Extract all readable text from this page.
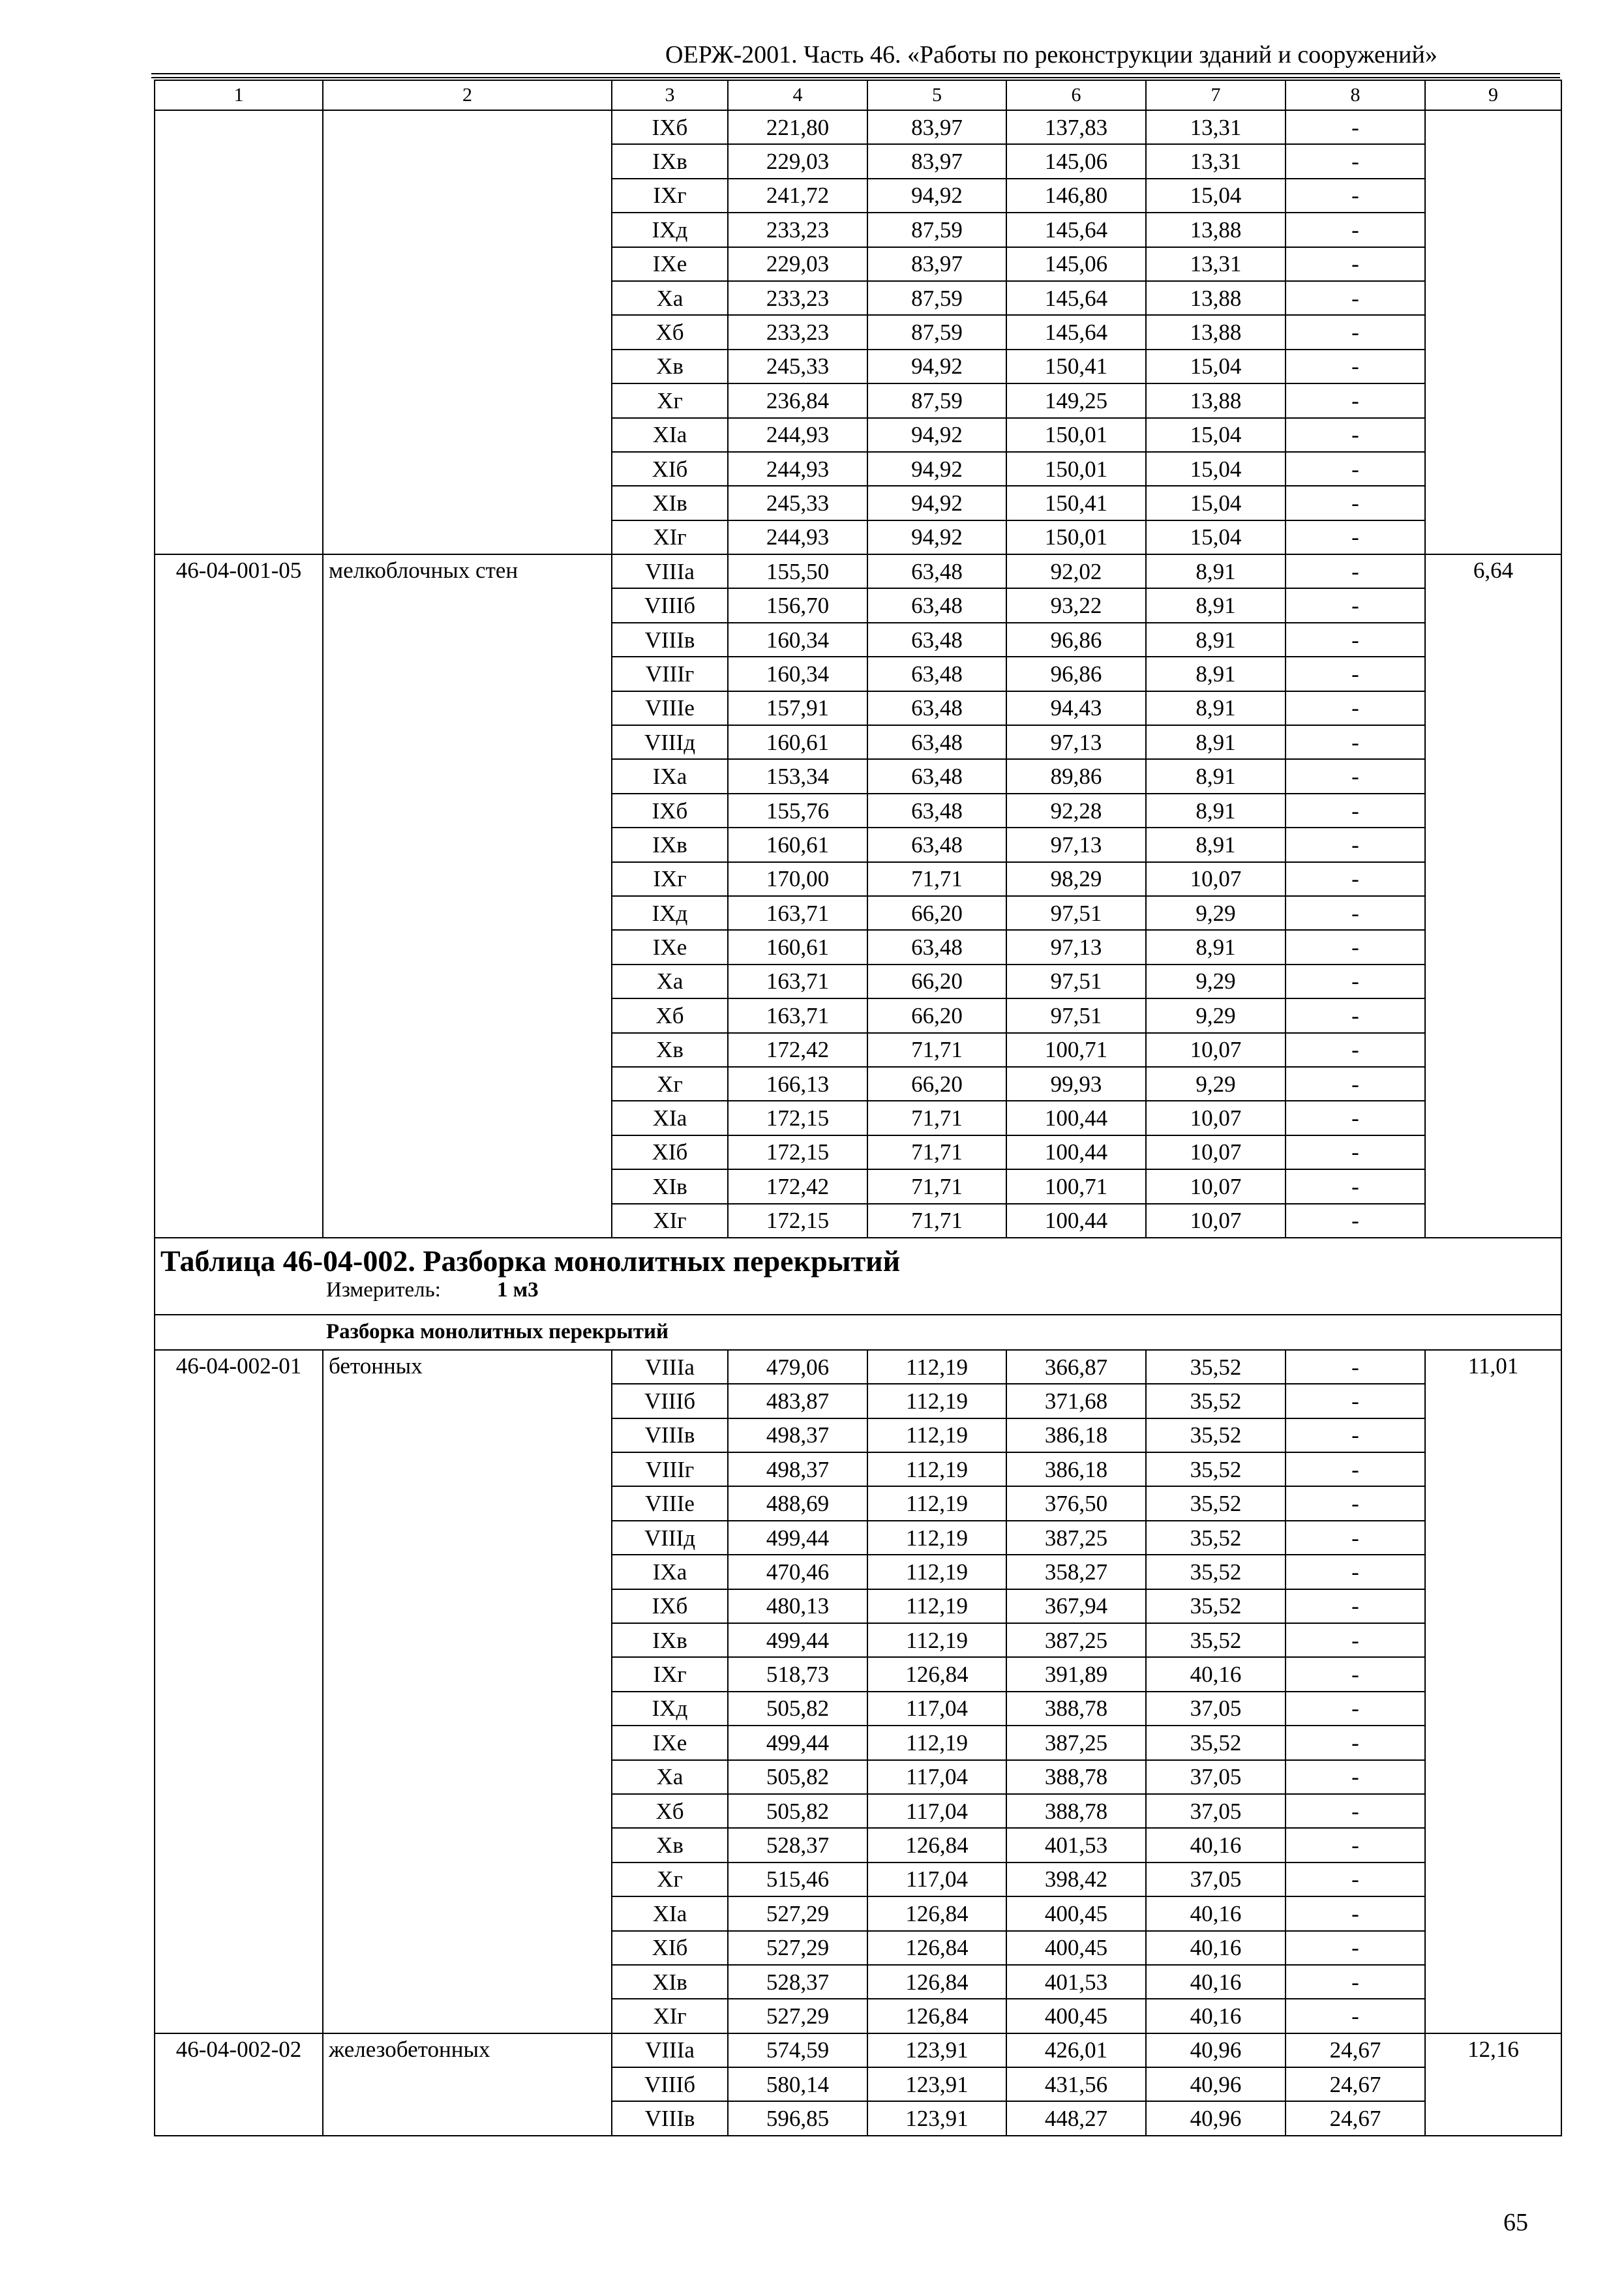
ОЕРЖ-2001. Часть 46. «Работы по реконструкции зданий и сооружений»
1	2	3	4	5	6	7	8	9
		IXб	221,80	83,97	137,83	13,31	-	
		IXв	229,03	83,97	145,06	13,31	-	
		IXг	241,72	94,92	146,80	15,04	-	
		IXд	233,23	87,59	145,64	13,88	-	
		IXе	229,03	83,97	145,06	13,31	-	
		Xа	233,23	87,59	145,64	13,88	-	
		Xб	233,23	87,59	145,64	13,88	-	
		Xв	245,33	94,92	150,41	15,04	-	
		Xг	236,84	87,59	149,25	13,88	-	
		XIа	244,93	94,92	150,01	15,04	-	
		XIб	244,93	94,92	150,01	15,04	-	
		XIв	245,33	94,92	150,41	15,04	-	
		XIг	244,93	94,92	150,01	15,04	-	
46-04-001-05	мелкоблочных стен	VIIIа	155,50	63,48	92,02	8,91	-	6,64
		VIIIб	156,70	63,48	93,22	8,91	-	
		VIIIв	160,34	63,48	96,86	8,91	-	
		VIIIг	160,34	63,48	96,86	8,91	-	
		VIIIе	157,91	63,48	94,43	8,91	-	
		VIIIд	160,61	63,48	97,13	8,91	-	
		IXа	153,34	63,48	89,86	8,91	-	
		IXб	155,76	63,48	92,28	8,91	-	
		IXв	160,61	63,48	97,13	8,91	-	
		IXг	170,00	71,71	98,29	10,07	-	
		IXд	163,71	66,20	97,51	9,29	-	
		IXе	160,61	63,48	97,13	8,91	-	
		Xа	163,71	66,20	97,51	9,29	-	
		Xб	163,71	66,20	97,51	9,29	-	
		Xв	172,42	71,71	100,71	10,07	-	
		Xг	166,13	66,20	99,93	9,29	-	
		XIа	172,15	71,71	100,44	10,07	-	
		XIб	172,15	71,71	100,44	10,07	-	
		XIв	172,42	71,71	100,71	10,07	-	
		XIг	172,15	71,71	100,44	10,07	-	

Таблица 46-04-002. Разборка монолитных перекрытий								

Измеритель: 1 м3								
Разборка монолитных перекрытий								
46-04-002-01	бетонных	VIIIа	479,06	112,19	366,87	35,52	-	11,01
		VIIIб	483,87	112,19	371,68	35,52	-	
		VIIIв	498,37	112,19	386,18	35,52	-	
		VIIIг	498,37	112,19	386,18	35,52	-	
		VIIIе	488,69	112,19	376,50	35,52	-	
		VIIIд	499,44	112,19	387,25	35,52	-	
		IXа	470,46	112,19	358,27	35,52	-	
		IXб	480,13	112,19	367,94	35,52	-	
		IXв	499,44	112,19	387,25	35,52	-	
		IXг	518,73	126,84	391,89	40,16	-	
		IXд	505,82	117,04	388,78	37,05	-	
		IXе	499,44	112,19	387,25	35,52	-	
		Xа	505,82	117,04	388,78	37,05	-	
		Xб	505,82	117,04	388,78	37,05	-	
		Xв	528,37	126,84	401,53	40,16	-	
		Xг	515,46	117,04	398,42	37,05	-	
		XIа	527,29	126,84	400,45	40,16	-	
		XIб	527,29	126,84	400,45	40,16	-	
		XIв	528,37	126,84	401,53	40,16	-	
		XIг	527,29	126,84	400,45	40,16	-	
46-04-002-02	железобетонных	VIIIа	574,59	123,91	426,01	40,96	24,67	12,16
		VIIIб	580,14	123,91	431,56	40,96	24,67	
		VIIIв	596,85	123,91	448,27	40,96	24,67	
65
